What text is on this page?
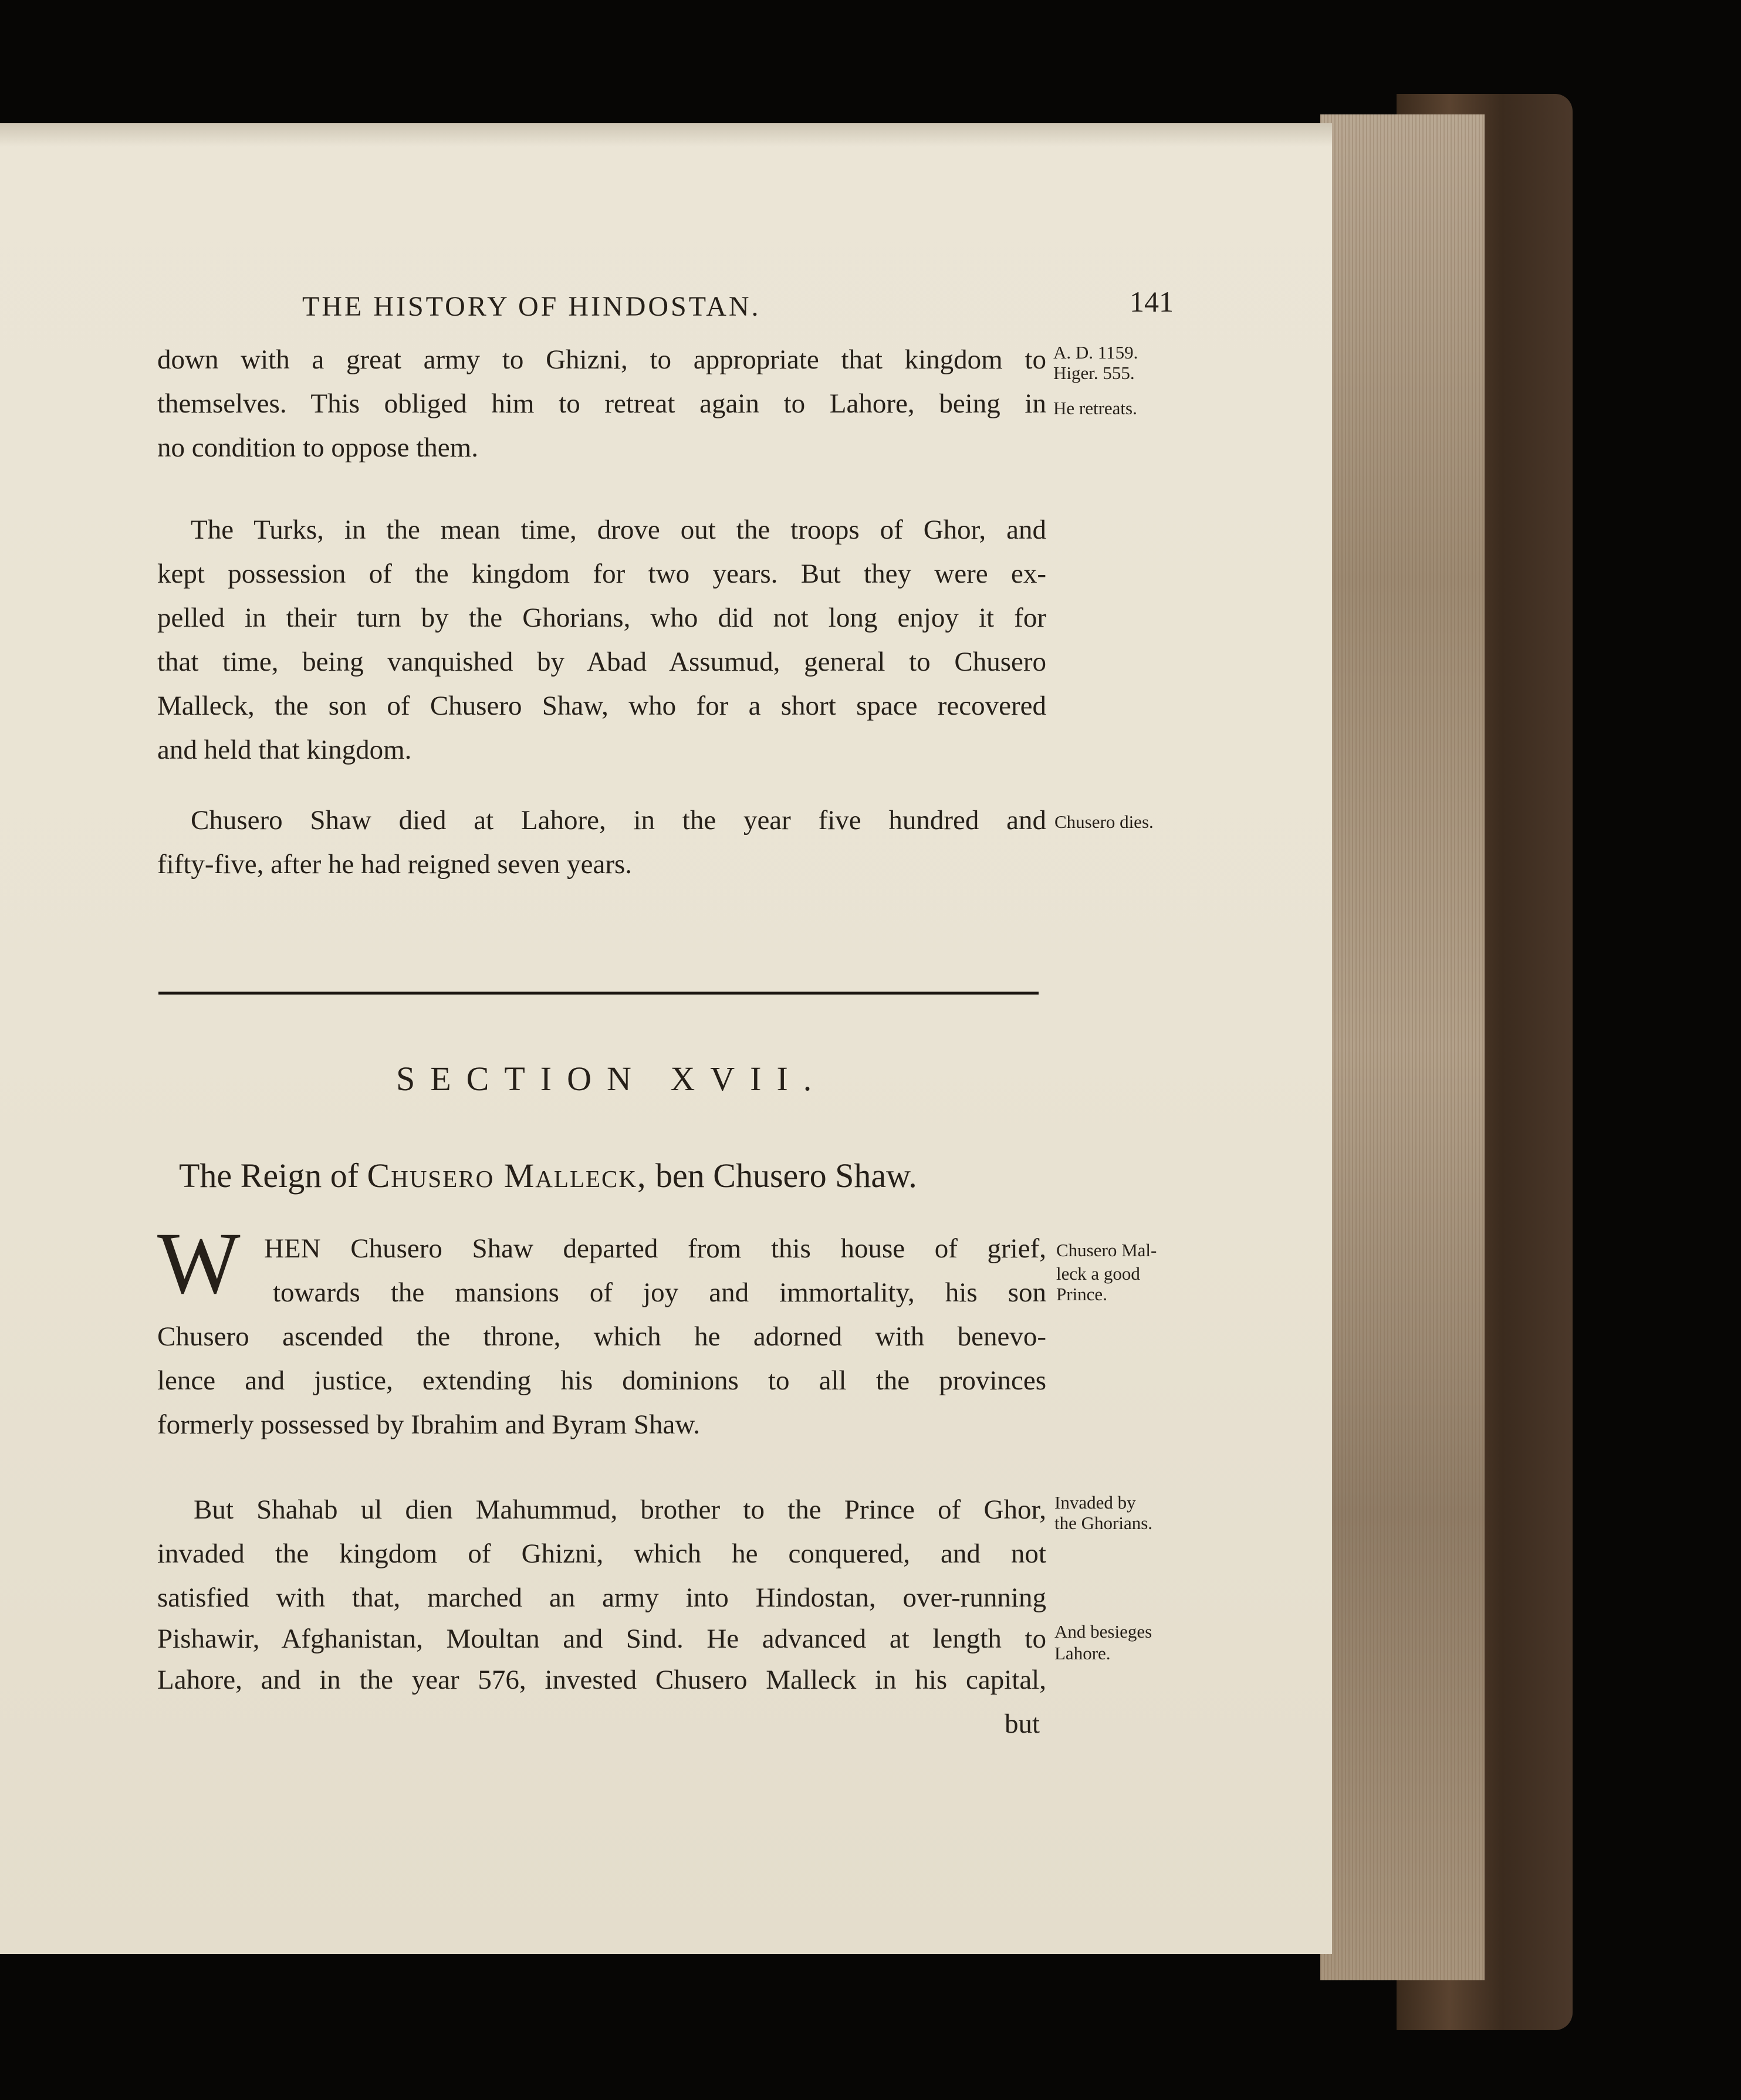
THE HISTORY OF HINDOSTAN.	141
down with a great army to Ghizni, to appropriate that kingdom to
themselves. This obliged him to retreat again to Lahore, being in
no condition to oppose them.
The Turks, in the mean time, drove out the troops of Ghor, and
kept possession of the kingdom for two years. But they were ex-
pelled in their turn by the Ghorians, who did not long enjoy it for
that time, being vanquished by Abad Assumud, general to Chusero
Malleck, the son of Chusero Shaw, who for a short space recovered
and held that kingdom.
Chusero Shaw died at Lahore, in the year five hundred and
fifty-five, after he had reigned seven years.
SECTION XVII.
The Reign of Chusero Malleck, ben Chusero Shaw.
W HEN Chusero Shaw departed from this house of grief,
towards the mansions of joy and immortality, his son
Chusero ascended the throne, which he adorned with benevo-
lence and justice, extending his dominions to all the provinces
formerly possessed by Ibrahim and Byram Shaw.
But Shahab ul dien Mahummud, brother to the Prince of Ghor,
invaded the kingdom of Ghizni, which he conquered, and not
satisfied with that, marched an army into Hindostan, over-running
Pishawir, Afghanistan, Moultan and Sind. He advanced at length to
Lahore, and in the year 576, invested Chusero Malleck in his capital,
but
A. D. 1159.
Higer. 555.
He retreats.
Chusero dies.
Chusero Mal-
leck a good
Prince.
Invaded by
the Ghorians.
And besieges
Lahore.
